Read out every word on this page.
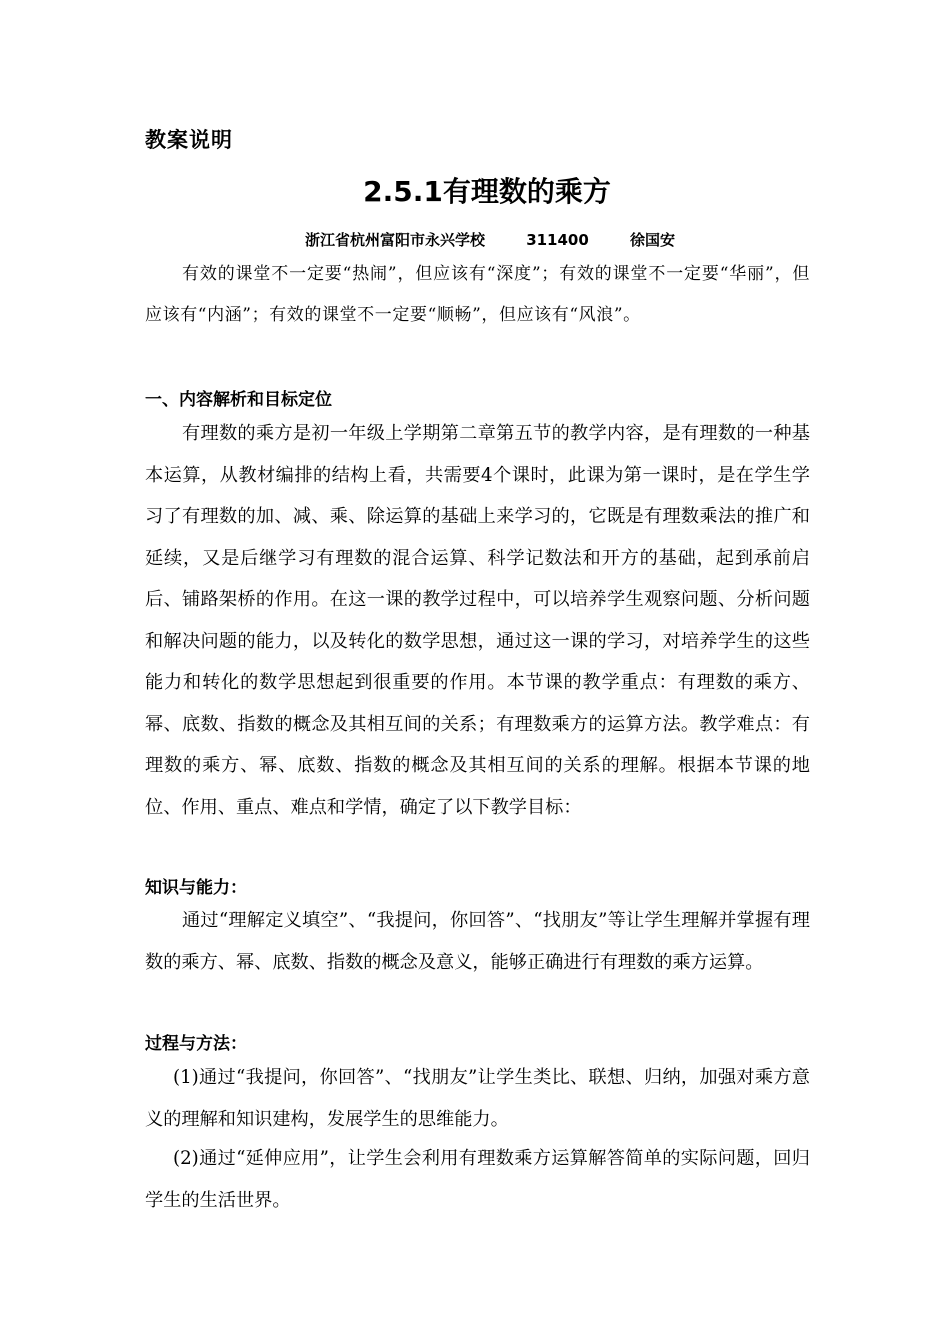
教案说明

2.5.1有理数的乘方
浙江省杭州富阳市永兴学校	311400	徐国安

有效的课堂不一定要“热闹”，但应该有“深度”；有效的课堂不一定要“华丽”，但应该有“内涵”；有效的课堂不一定要“顺畅”，但应该有“风浪”。

一、内容解析和目标定位

有理数的乘方是初一年级上学期第二章第五节的教学内容，是有理数的一种基本运算，从教材编排的结构上看，共需要4个课时，此课为第一课时，是在学生学习了有理数的加、减、乘、除运算的基础上来学习的，它既是有理数乘法的推广和延续，又是后继学习有理数的混合运算、科学记数法和开方的基础，起到承前启后、铺路架桥的作用。在这一课的教学过程中，可以培养学生观察问题、分析问题和解决问题的能力，以及转化的数学思想，通过这一课的学习，对培养学生的这些能力和转化的数学思想起到很重要的作用。本节课的教学重点：有理数的乘方、幂、底数、指数的概念及其相互间的关系；有理数乘方的运算方法。教学难点：有理数的乘方、幂、底数、指数的概念及其相互间的关系的理解。根据本节课的地位、作用、重点、难点和学情，确定了以下教学目标：

知识与能力：

通过“理解定义填空”、“我提问，你回答”、“找朋友”等让学生理解并掌握有理数的乘方、幂、底数、指数的概念及意义，能够正确进行有理数的乘方运算。

过程与方法：

(1)通过“我提问，你回答”、“找朋友”让学生类比、联想、归纳，加强对乘方意义的理解和知识建构，发展学生的思维能力。

(2)通过“延伸应用”，让学生会利用有理数乘方运算解答简单的实际问题，回归学生的生活世界。
